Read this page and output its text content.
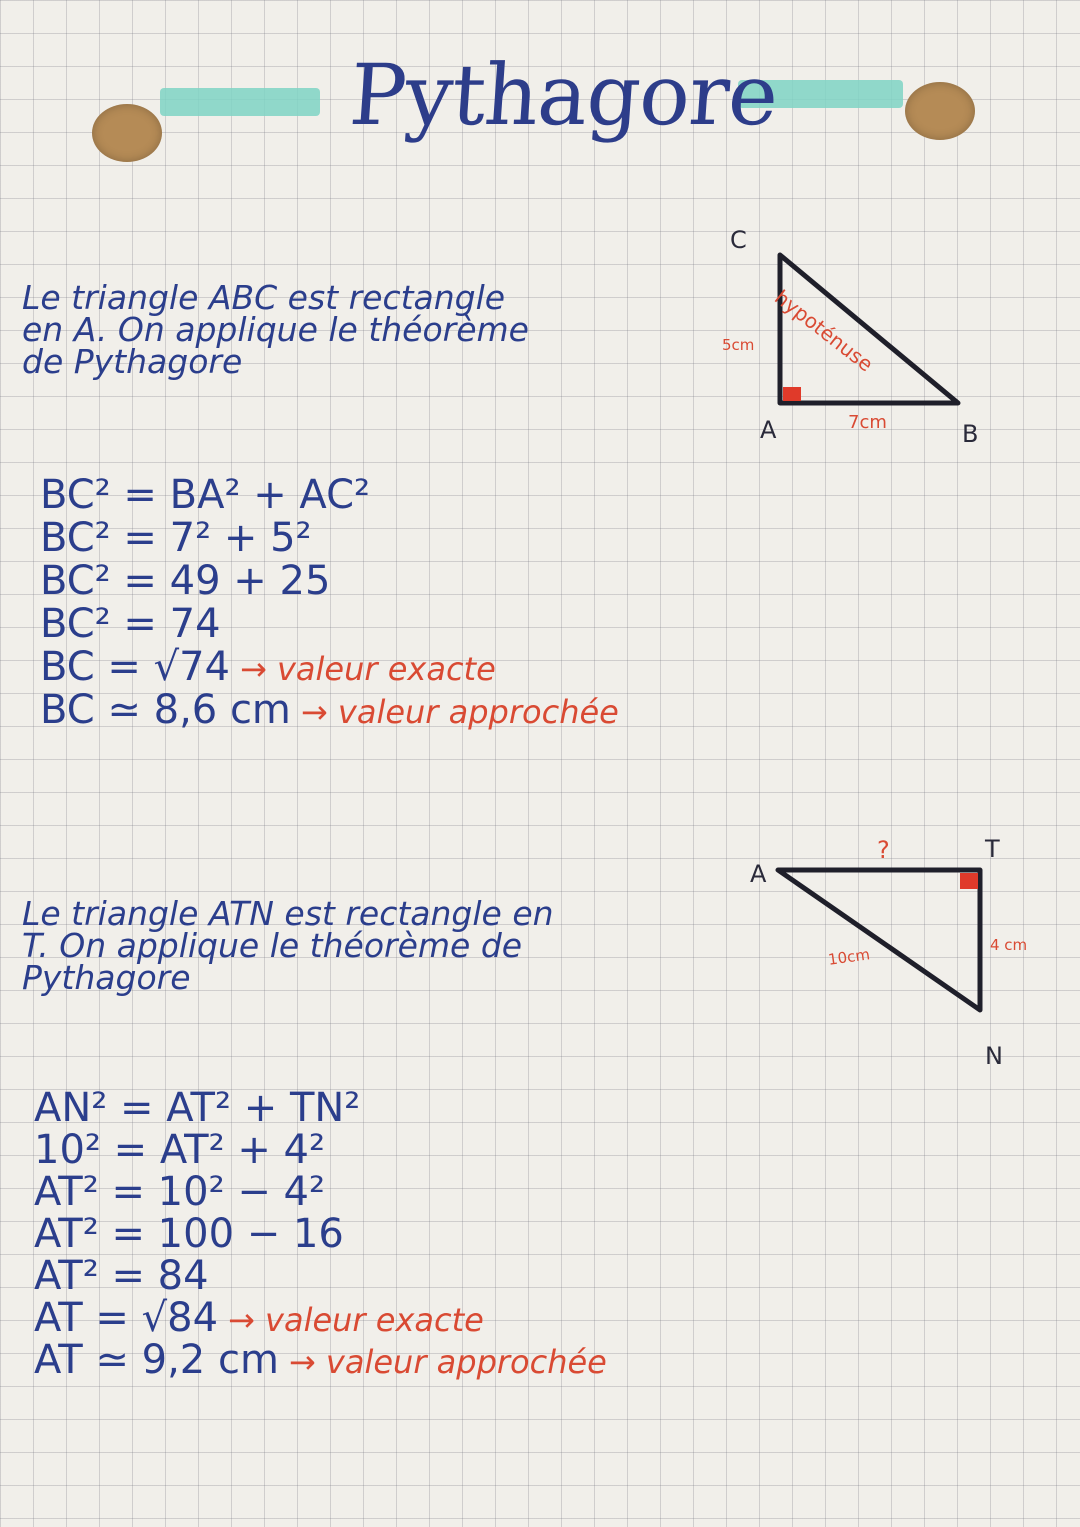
Pythagore
Le triangle ABC est rectangle
en A. On applique le théorème
de Pythagore
BC² = BA² + AC²
BC² = 7² + 5²
BC² = 49 + 25
BC² = 74
BC = √74 → valeur exacte
BC ≃ 8,6 cm → valeur approchée
C
A	B
5cm
7cm
hypoténuse
Le triangle ATN est rectangle en
T. On applique le théorème de
Pythagore
AN² = AT² + TN²
10² = AT² + 4²
AT² = 10² − 4²
AT² = 100 − 16
AT² = 84
AT = √84 → valeur exacte
AT ≃ 9,2 cm → valeur approchée
A
T
N
?
4 cm
10cm
